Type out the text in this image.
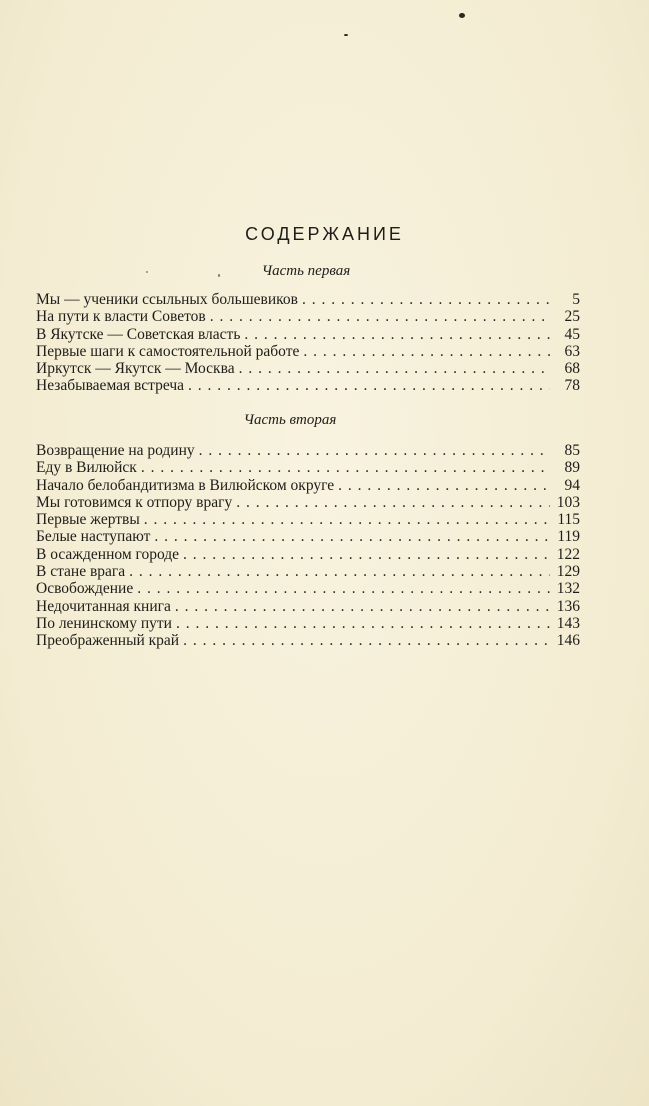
СОДЕРЖАНИЕ
Часть первая
Мы — ученики ссыльных большевиков . . .	5
На пути к власти Советов . . .	25
В Якутске — Советская власть . . .	45
Первые шаги к самостоятельной работе . . .	63
Иркутск — Якутск — Москва . . .	68
Незабываемая встреча . . .	78
Часть вторая
Возвращение на родину . . .	85
Еду в Вилюйск . . .	89
Начало белобандитизма в Вилюйском округе . . .	94
Мы готовимся к отпору врагу . . .	103
Первые жертвы . . .	115
Белые наступают . . .	119
В осажденном городе . . .	122
В стане врага . . .	129
Освобождение . . .	132
Недочитанная книга . . .	136
По ленинскому пути . . .	143
Преображенный край . . .	146
